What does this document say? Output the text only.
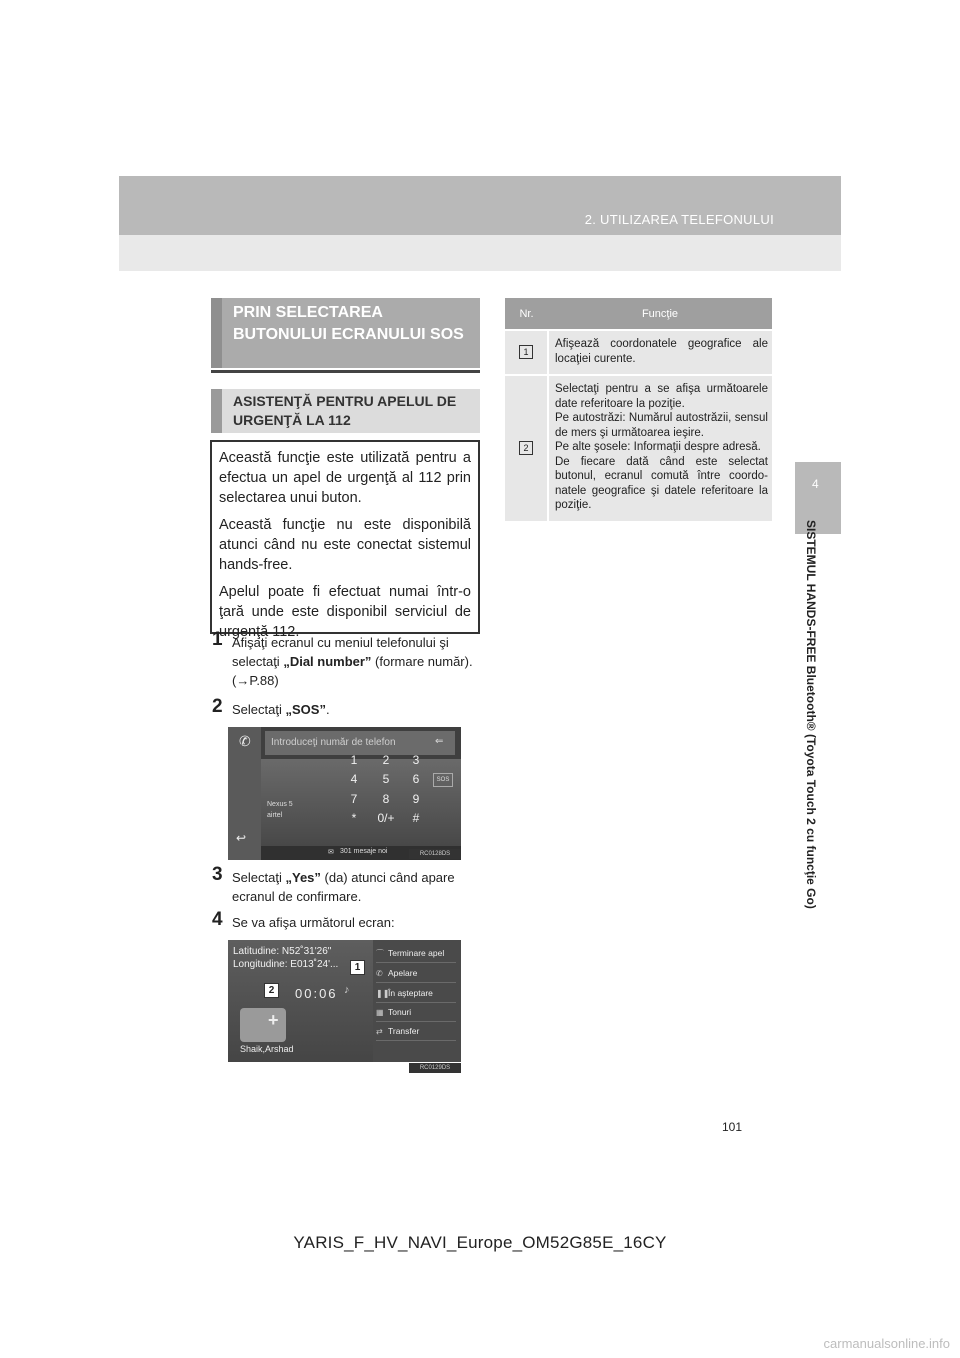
2. UTILIZAREA TELEFONULUI
4
SISTEMUL HANDS-FREE Bluetooth® (Toyota Touch 2 cu funcţie Go)
PRIN SELECTAREA BUTONULUI ECRANULUI SOS
ASISTENŢĂ PENTRU APELUL DE URGENŢĂ LA 112

Această funcţie este utilizată pentru a efectua un apel de urgenţă al 112 prin selectarea unui buton.

Această funcţie nu este disponibilă atunci când nu este conectat sistemul hands-free.

Apelul poate fi efectuat numai într-o ţară unde este disponibil serviciul de urgenţă 112.

1 Afişaţi ecranul cu meniul telefonului şi selectaţi „Dial number” (formare număr). (→P.88)
2 Selectaţi „SOS”.
✆
↩
Introduceţi număr de telefon	⇐
1	2	3
4	5	6
7	8	9
*	0/+	#
SOS
Nexus 5
airtel
✉ 301 mesaje noi	RC0128DS
3 Selectaţi „Yes” (da) atunci când apare ecranul de confirmare.
4 Se va afişa următorul ecran:
Latitudine: N52˚31'26"
Longitudine: E013˚24'...
00:06 ♪
+
Shaik,Arshad
⌒ Terminare apel
✆ Apelare
❚❚În aşteptare
▦ Tonuri
⇄ Transfer
1
2
RC0129DS
Nr.	Funcţie
1	Afişează coordonatele geografice ale locaţiei curente.
2	Selectaţi pentru a se afişa următoarele date referitoare la poziţie.
Pe autostrăzi: Numărul autostrăzii, sensul de mers şi următoarea ieşire.
Pe alte şosele: Informaţii despre adresă.
De fiecare dată când este selectat butonul, ecranul comută între coordo-natele geografice şi datele referitoare la poziţie.
101
YARIS_F_HV_NAVI_Europe_OM52G85E_16CY
carmanualsonline.info
